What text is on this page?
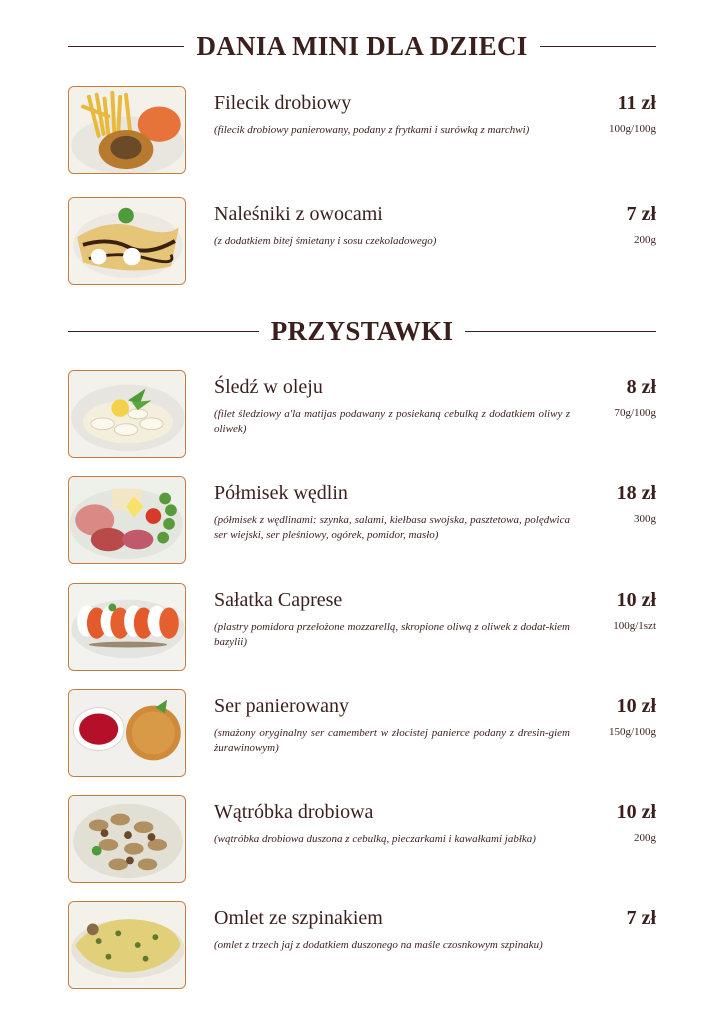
DANIA MINI DLA DZIECI
Filecik drobiowy	11 zł
(filecik drobiowy panierowany, podany z frytkami i surówką z marchwi)	100g/100g
Naleśniki z owocami	7 zł
(z dodatkiem bitej śmietany i sosu czekoladowego)	200g
PRZYSTAWKI
Śledź w oleju	8 zł
(filet śledziowy a'la matijas podawany z posiekaną cebulką z dodatkiem oliwy z oliwek)
70g/100g
Półmisek wędlin	18 zł
(półmisek z wędlinami: szynka, salami, kiełbasa swojska, pasztetowa, polędwica ser wiejski, ser pleśniowy, ogórek, pomidor, masło)
300g
Sałatka Caprese	10 zł
(plastry pomidora przełożone mozzarellą, skropione oliwą z oliwek z dodat-kiem bazylii)
100g/1szt
Ser panierowany	10 zł
(smażony oryginalny ser camembert w złocistej panierce podany z dresin-giem żurawinowym)
150g/100g
Wątróbka drobiowa	10 zł
(wątróbka drobiowa duszona z cebulką, pieczarkami i kawałkami jabłka)	200g
Omlet ze szpinakiem	7 zł
(omlet z trzech jaj z dodatkiem duszonego na maśle czosnkowym szpinaku)
